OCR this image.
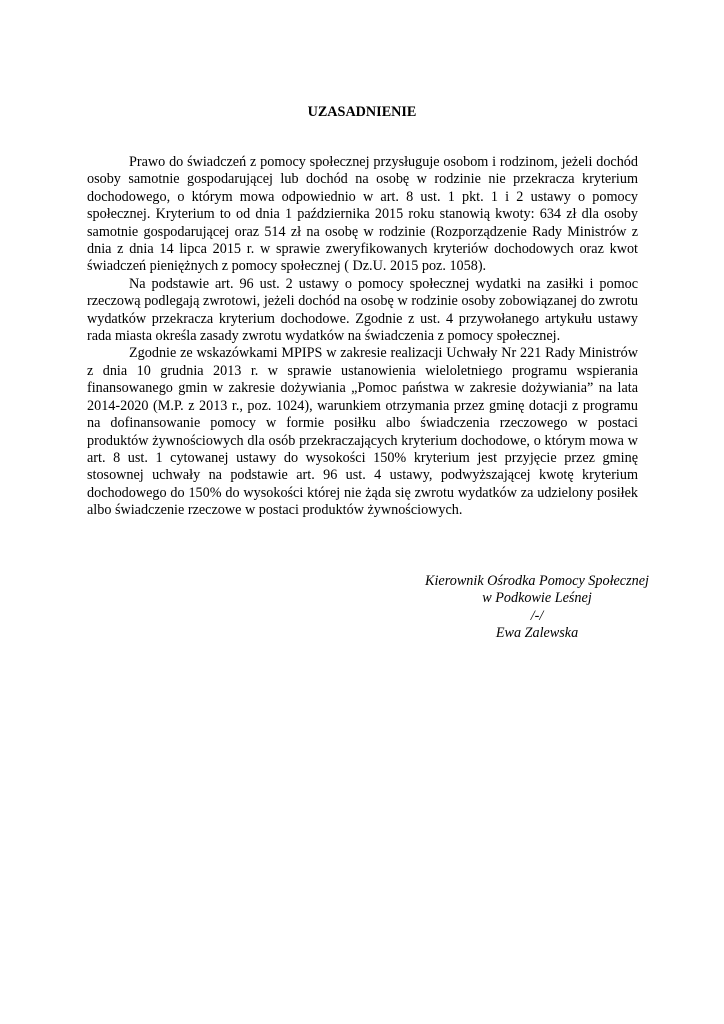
UZASADNIENIE

Prawo do świadczeń z pomocy społecznej przysługuje osobom i rodzinom, jeżeli dochód osoby samotnie gospodarującej lub dochód na osobę w rodzinie nie przekracza kryterium dochodowego, o którym mowa odpowiednio w art. 8 ust. 1 pkt. 1 i 2 ustawy o pomocy społecznej. Kryterium to od dnia 1 października 2015 roku stanowią kwoty: 634 zł dla osoby samotnie gospodarującej oraz 514 zł na osobę w rodzinie (Rozporządzenie Rady Ministrów z dnia z dnia 14 lipca 2015 r. w sprawie zweryfikowanych kryteriów dochodowych oraz kwot świadczeń pieniężnych z pomocy społecznej ( Dz.U. 2015 poz. 1058).

Na podstawie art. 96 ust. 2 ustawy o pomocy społecznej wydatki na zasiłki i pomoc rzeczową podlegają zwrotowi, jeżeli dochód na osobę w rodzinie osoby zobowiązanej do zwrotu wydatków przekracza kryterium dochodowe. Zgodnie z ust. 4 przywołanego artykułu ustawy rada miasta określa zasady zwrotu wydatków na świadczenia z pomocy społecznej.

Zgodnie ze wskazówkami MPIPS w zakresie realizacji Uchwały Nr 221 Rady Ministrów z dnia 10 grudnia 2013 r. w sprawie ustanowienia wieloletniego programu wspierania finansowanego gmin w zakresie dożywiania „Pomoc państwa w zakresie dożywiania” na lata 2014-2020 (M.P. z 2013 r., poz. 1024), warunkiem otrzymania przez gminę dotacji z programu na dofinansowanie pomocy w formie posiłku albo świadczenia rzeczowego w postaci produktów żywnościowych dla osób przekraczających kryterium dochodowe, o którym mowa w art. 8 ust. 1 cytowanej ustawy do wysokości 150% kryterium jest przyjęcie przez gminę stosownej uchwały na podstawie art. 96 ust. 4 ustawy, podwyższającej kwotę kryterium dochodowego do 150% do wysokości której nie żąda się zwrotu wydatków za udzielony posiłek albo świadczenie rzeczowe w postaci produktów żywnościowych.

Kierownik Ośrodka Pomocy Społecznej
w Podkowie Leśnej
/-/
Ewa Zalewska
